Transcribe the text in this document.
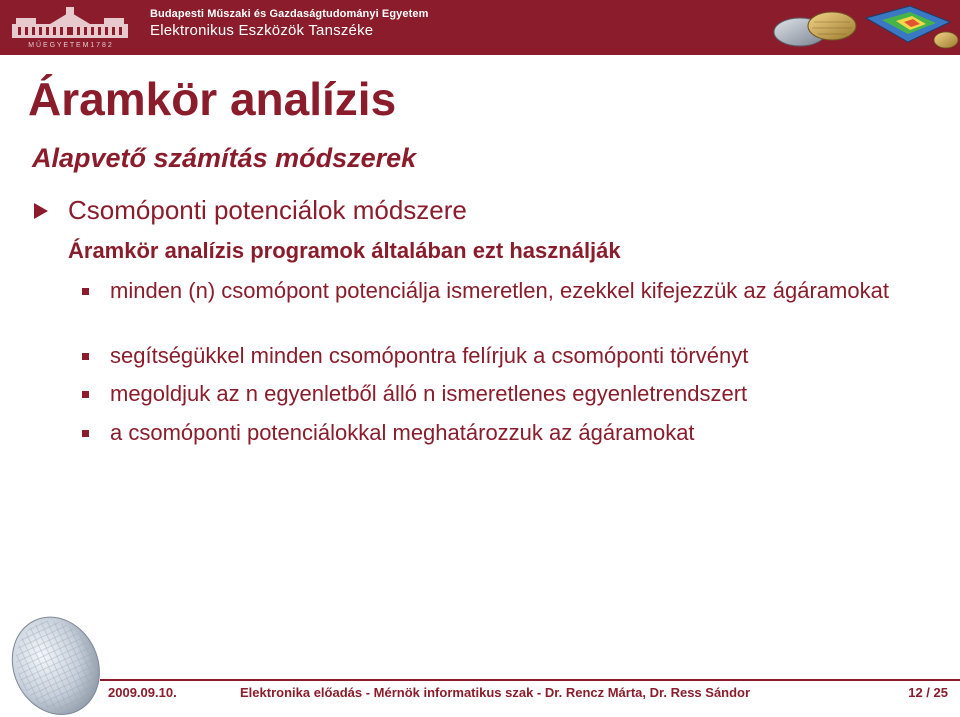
M Ű E G Y E T E M 1 7 8 2
Budapesti Műszaki és Gazdaságtudományi Egyetem
Elektronikus Eszközök Tanszéke
Áramkör analízis
Alapvető számítás módszerek
Csomóponti potenciálok módszere
Áramkör analízis programok általában ezt használják
minden (n) csomópont potenciálja ismeretlen, ezekkel kifejezzük az ágáramokat
segítségükkel minden csomópontra felírjuk a csomóponti törvényt
megoldjuk az n egyenletből álló n ismeretlenes egyenletrendszert
a csomóponti potenciálokkal meghatározzuk az ágáramokat
2009.09.10.	Elektronika előadás - Mérnök informatikus szak - Dr. Rencz Márta, Dr. Ress Sándor	12 / 25
